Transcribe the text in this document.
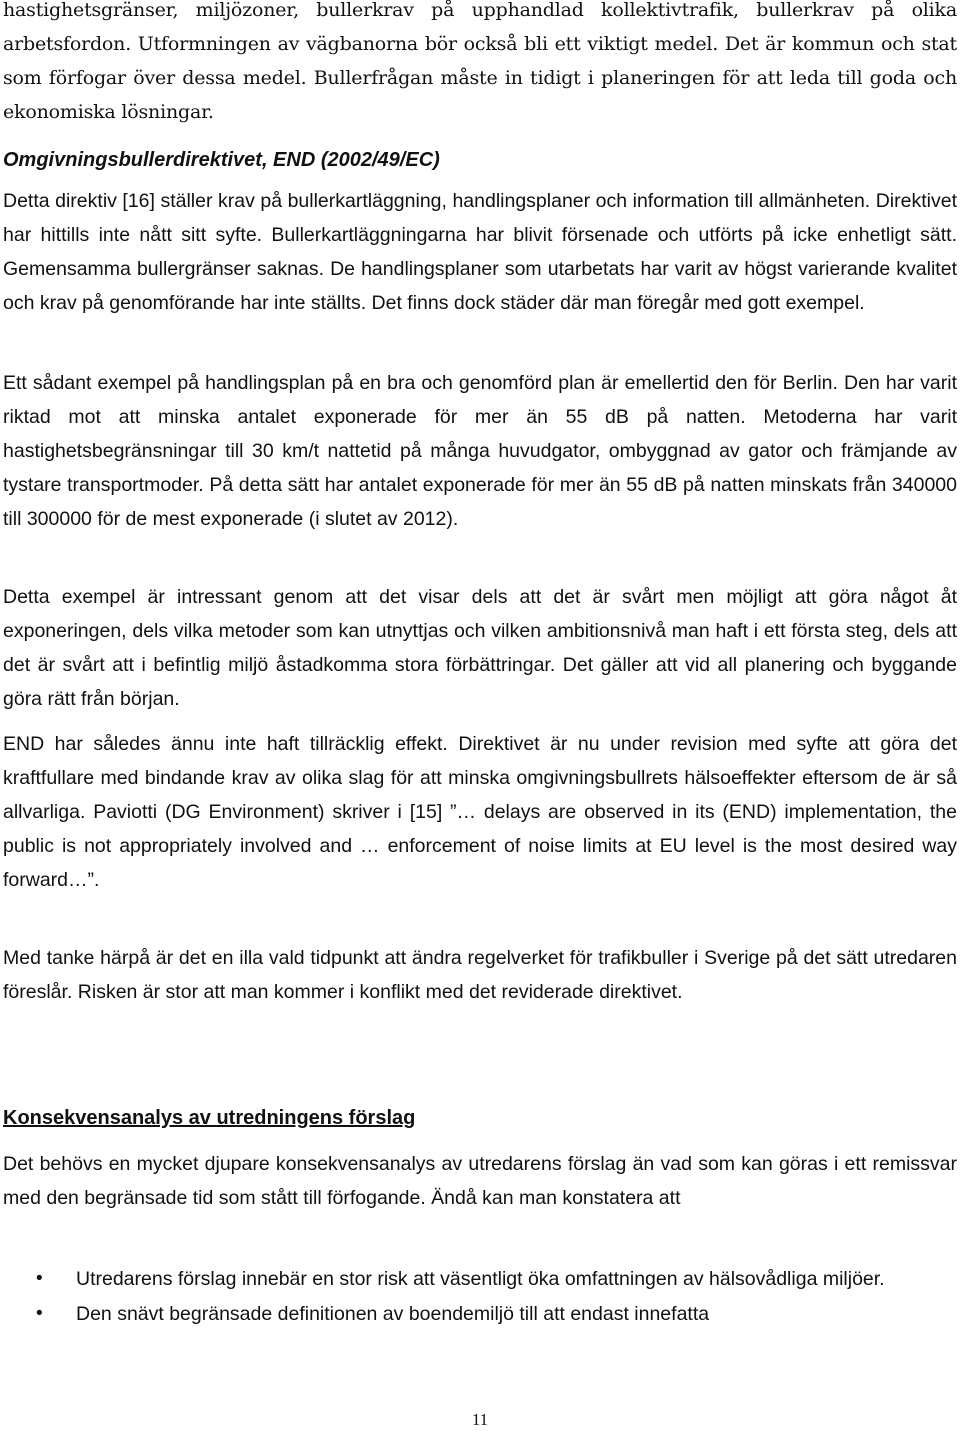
hastighetsgränser, miljözoner, bullerkrav på upphandlad kollektivtrafik, bullerkrav på olika arbetsfordon. Utformningen av vägbanorna bör också bli ett viktigt medel. Det är kommun och stat som förfogar över dessa medel. Bullerfrågan måste in tidigt i planeringen för att leda till goda och ekonomiska lösningar.

Omgivningsbullerdirektivet, END (2002/49/EC)

Detta direktiv [16] ställer krav på bullerkartläggning, handlingsplaner och information till allmänheten. Direktivet har hittills inte nått sitt syfte. Bullerkartläggningarna har blivit försenade och utförts på icke enhetligt sätt. Gemensamma bullergränser saknas. De handlingsplaner som utarbetats har varit av högst varierande kvalitet och krav på genomförande har inte ställts. Det finns dock städer där man föregår med gott exempel.

Ett sådant exempel på handlingsplan på en bra och genomförd plan är emellertid den för Berlin. Den har varit riktad mot att minska antalet exponerade för mer än 55 dB på natten. Metoderna har varit hastighetsbegränsningar till 30 km/t nattetid på många huvudgator, ombyggnad av gator och främjande av tystare transportmoder. På detta sätt har antalet exponerade för mer än 55 dB på natten minskats från 340000 till 300000 för de mest exponerade (i slutet av 2012).

Detta exempel är intressant genom att det visar dels att det är svårt men möjligt att göra något åt exponeringen, dels vilka metoder som kan utnyttjas och vilken ambitionsnivå man haft i ett första steg, dels att det är svårt att i befintlig miljö åstadkomma stora förbättringar. Det gäller att vid all planering och byggande göra rätt från början.

END har således ännu inte haft tillräcklig effekt. Direktivet är nu under revision med syfte att göra det kraftfullare med bindande krav av olika slag för att minska omgivningsbullrets hälsoeffekter eftersom de är så allvarliga. Paviotti (DG Environment) skriver i [15] ”… delays are observed in its (END) implementation, the public is not appropriately involved and … enforcement of noise limits at EU level is the most desired way forward…”.

Med tanke härpå är det en illa vald tidpunkt att ändra regelverket för trafikbuller i Sverige på det sätt utredaren föreslår. Risken är stor att man kommer i konflikt med det reviderade direktivet.

Konsekvensanalys av utredningens förslag

Det behövs en mycket djupare konsekvensanalys av utredarens förslag än vad som kan göras i ett remissvar med den begränsade tid som stått till förfogande. Ändå kan man konstatera att

• Utredarens förslag innebär en stor risk att väsentligt öka omfattningen av hälsovådliga miljöer.
• Den snävt begränsade definitionen av boendemiljö till att endast innefatta
11
